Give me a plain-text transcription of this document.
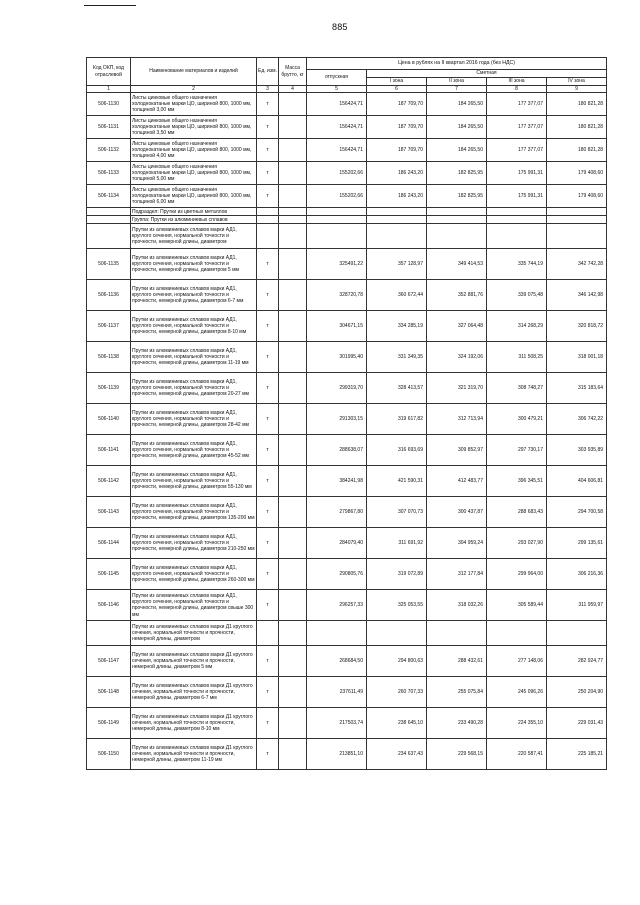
885
Код ОКП, код отраслевой	Наименование материалов и изделий	Ед. изм.	Масса брутто, кг	Цена в рублях на II квартал 2016 года (без НДС)				
				отпускная	Сметная			
					I зона	II зона	III зона	IV зона
1	2	3	4	5	6	7	8	9
506-1130	Листы цинковые общего назначения холоднокатаные марки ЦО, шириной 800, 1000 мм, толщиной 3,00 мм	т		156424,71	187 709,70	184 265,50	177 377,07	180 821,28
506-1131	Листы цинковые общего назначения холоднокатаные марки ЦО, шириной 800, 1000 мм, толщиной 3,50 мм	т		156424,71	187 709,70	184 265,50	177 377,07	180 821,28
506-1132	Листы цинковые общего назначения холоднокатаные марки ЦО, шириной 800, 1000 мм, толщиной 4,00 мм	т		156424,71	187 709,70	184 265,50	177 377,07	180 821,28
506-1133	Листы цинковые общего назначения холоднокатаные марки ЦО, шириной 800, 1000 мм, толщиной 5,00 мм	т		155202,66	186 243,20	182 825,95	175 991,31	179 408,60
506-1134	Листы цинковые общего назначения холоднокатаные марки ЦО, шириной 800, 1000 мм, толщиной 6,00 мм	т		155202,66	186 243,20	182 825,95	175 991,31	179 408,60
	Подраздел: Прутки из цветных металлов							
	Группа: Прутки из алюминиевых сплавов							
	Прутки из алюминиевых сплавов марки АД1, круглого сечения, нормальной точности и прочности, немерной длины, диаметром							
506-1135	Прутки из алюминиевых сплавов марки АД1, круглого сечения, нормальной точности и прочности, немерной длины, диаметром 5 мм	т		325491,22	357 128,97	349 414,53	335 744,19	342 742,28
506-1136	Прутки из алюминиевых сплавов марки АД1, круглого сечения, нормальной точности и прочности, немерной длины, диаметром 6-7 мм	т		328720,78	360 672,44	352 881,76	339 075,48	346 142,98
506-1137	Прутки из алюминиевых сплавов марки АД1, круглого сечения, нормальной точности и прочности, немерной длины, диаметром 8-10 мм	т		304671,15	334 285,19	327 064,48	314 268,29	320 818,72
506-1138	Прутки из алюминиевых сплавов марки АД1, круглого сечения, нормальной точности и прочности, немерной длины, диаметром 11-19 мм	т		301995,40	331 349,35	324 192,06	311 508,25	318 001,18
506-1139	Прутки из алюминиевых сплавов марки АД1, круглого сечения, нормальной точности и прочности, немерной длины, диаметром 20-27 мм	т		299319,70	328 413,57	321 319,70	308 748,27	315 183,64
506-1140	Прутки из алюминиевых сплавов марки АД1, круглого сечения, нормальной точности и прочности, немерной длины, диаметром 28-42 мм	т		291303,15	319 617,82	312 713,94	300 479,21	306 742,22
506-1141	Прутки из алюминиевых сплавов марки АД1, круглого сечения, нормальной точности и прочности, немерной длины, диаметром 45-52 мм	т		288638,07	316 693,69	309 852,97	297 730,17	303 935,89
506-1142	Прутки из алюминиевых сплавов марки АД1, круглого сечения, нормальной точности и прочности, немерной длины, диаметром 55-130 мм	т		384241,98	421 590,31	412 483,77	396 345,51	404 606,81
506-1143	Прутки из алюминиевых сплавов марки АД1, круглого сечения, нормальной точности и прочности, немерной длины, диаметром 135-200 мм	т		279867,80	307 070,73	300 437,87	288 683,43	294 700,58
506-1144	Прутки из алюминиевых сплавов марки АД1, круглого сечения, нормальной точности и прочности, немерной длины, диаметром 210-250 мм	т		284079,40	311 691,92	304 959,24	293 027,90	299 135,61
506-1145	Прутки из алюминиевых сплавов марки АД1, круглого сечения, нормальной точности и прочности, немерной длины, диаметром 260-300 мм	т		290805,76	319 072,89	312 177,84	299 964,00	306 216,36
506-1146	Прутки из алюминиевых сплавов марки АД1, круглого сечения, нормальной точности и прочности, немерной длины, диаметром свыше 300 мм	т		296257,33	325 053,55	318 032,26	305 589,44	311 959,97
	Прутки из алюминиевых сплавов марки Д1 круглого сечения, нормальной точности и прочности, немерной длины, диаметром							
506-1147	Прутки из алюминиевых сплавов марки Д1 круглого сечения, нормальной точности и прочности, немерной длины, диаметром 5 мм	т		268684,50	294 800,63	288 432,61	277 148,06	282 924,77
506-1148	Прутки из алюминиевых сплавов марки Д1 круглого сечения, нормальной точности и прочности, немерной длины, диаметром 6-7 мм	т		237611,49	260 707,33	255 075,84	245 096,26	250 204,90
506-1149	Прутки из алюминиевых сплавов марки Д1 круглого сечения, нормальной точности и прочности, немерной длины, диаметром 8-10 мм	т		217503,74	238 645,10	233 490,28	224 355,10	229 031,43
506-1150	Прутки из алюминиевых сплавов марки Д1 круглого сечения, нормальной точности и прочности, немерной длины, диаметром 11-19 мм	т		213851,10	234 637,43	229 568,15	220 587,41	225 185,21
